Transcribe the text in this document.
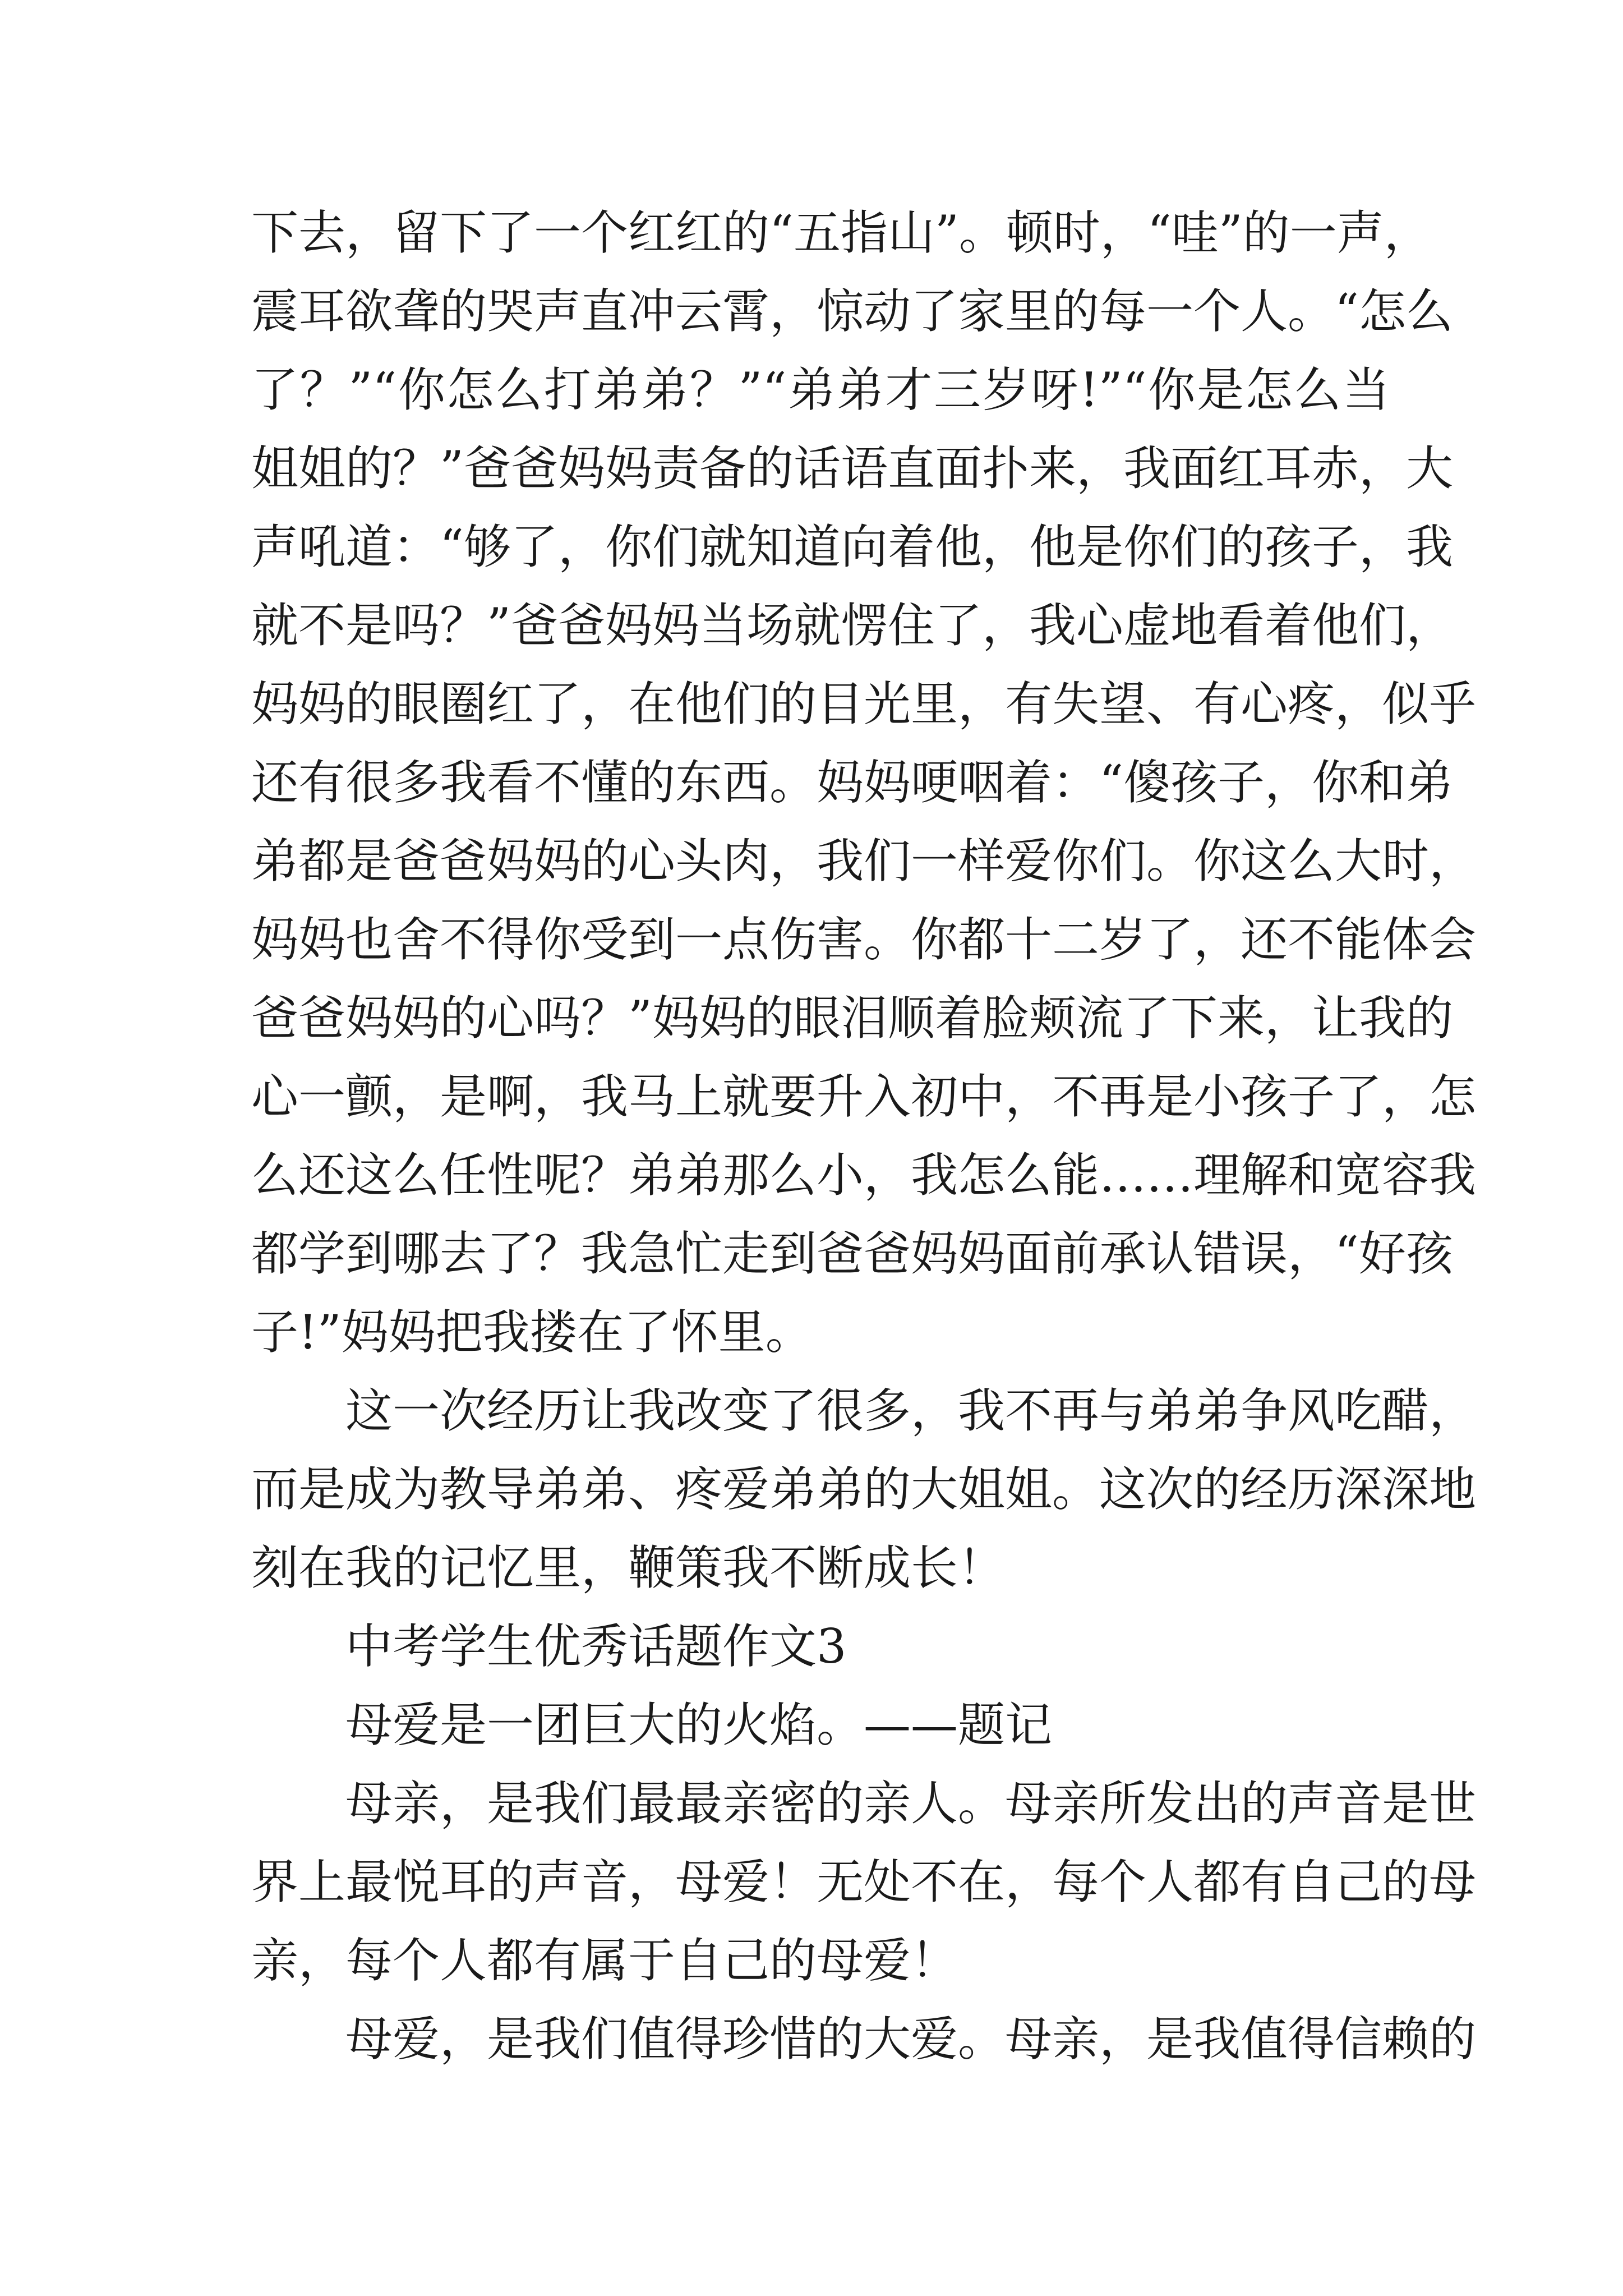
下去，留下了一个红红的“五指山”。顿时，“哇”的一声，
震耳欲聋的哭声直冲云霄，惊动了家里的每一个人。“怎么
了？”“你怎么打弟弟？”“弟弟才三岁呀!”“你是怎么当
姐姐的？”爸爸妈妈责备的话语直面扑来，我面红耳赤，大
声吼道：“够了，你们就知道向着他，他是你们的孩子，我
就不是吗？”爸爸妈妈当场就愣住了，我心虚地看着他们，
妈妈的眼圈红了，在他们的目光里，有失望、有心疼，似乎
还有很多我看不懂的东西。妈妈哽咽着：“傻孩子，你和弟
弟都是爸爸妈妈的心头肉，我们一样爱你们。你这么大时，
妈妈也舍不得你受到一点伤害。你都十二岁了，还不能体会
爸爸妈妈的心吗？”妈妈的眼泪顺着脸颊流了下来，让我的
心一颤，是啊，我马上就要升入初中，不再是小孩子了，怎
么还这么任性呢？弟弟那么小，我怎么能……理解和宽容我
都学到哪去了？我急忙走到爸爸妈妈面前承认错误，“好孩
子!”妈妈把我搂在了怀里。
这一次经历让我改变了很多，我不再与弟弟争风吃醋，
而是成为教导弟弟、疼爱弟弟的大姐姐。这次的经历深深地
刻在我的记忆里，鞭策我不断成长！
中考学生优秀话题作文3
母爱是一团巨大的火焰。——题记
母亲，是我们最最亲密的亲人。母亲所发出的声音是世
界上最悦耳的声音，母爱！无处不在，每个人都有自己的母
亲，每个人都有属于自己的母爱！
母爱，是我们值得珍惜的大爱。母亲，是我值得信赖的
